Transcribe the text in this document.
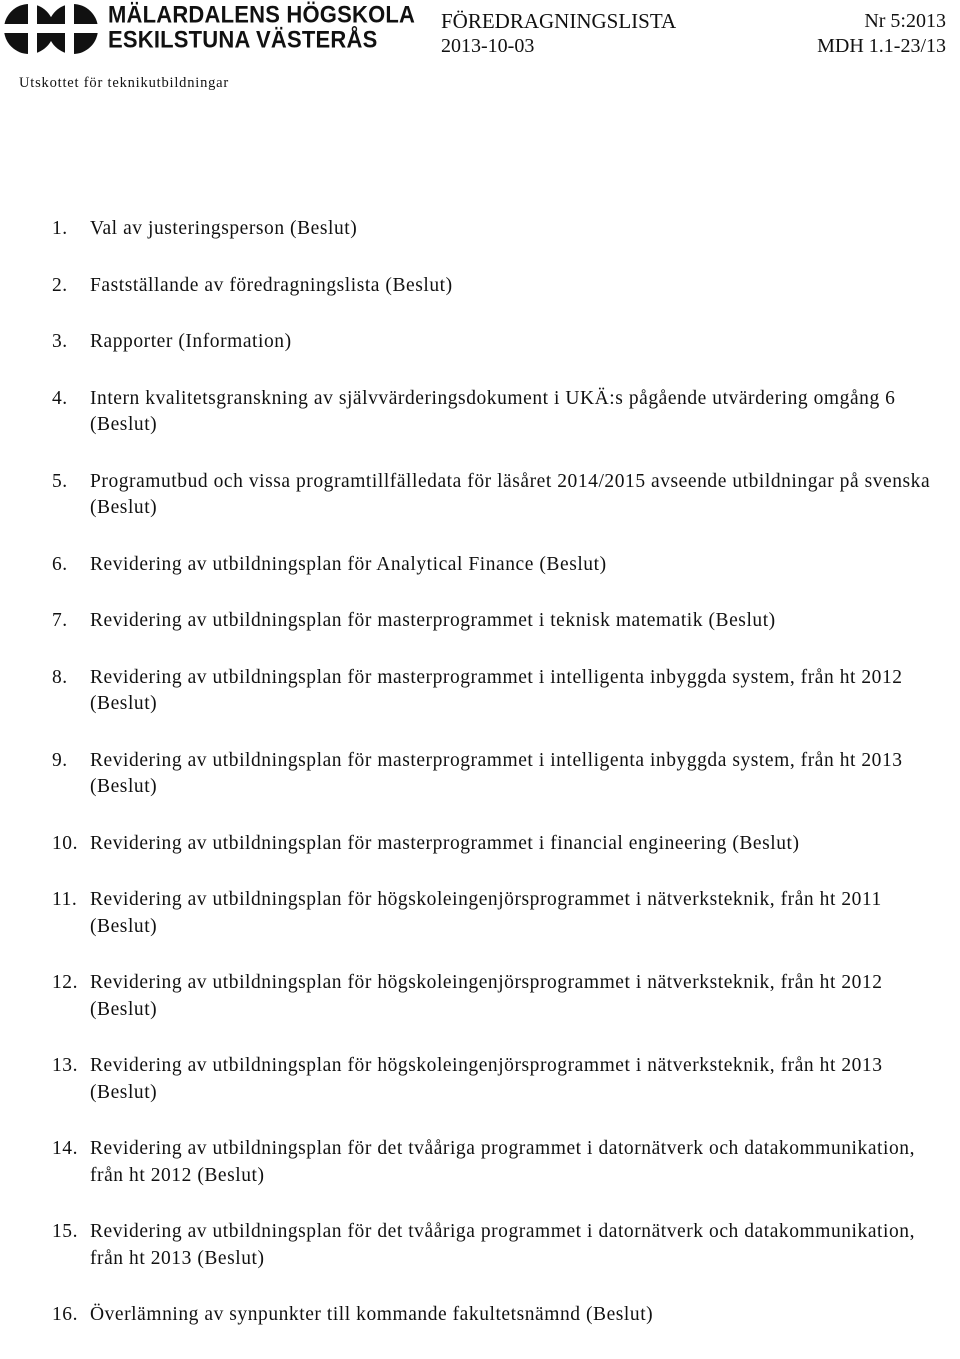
MÄLARDALENS HÖGSKOLA
ESKILSTUNA VÄSTERÅS
FÖREDRAGNINGSLISTA
2013-10-03
Nr 5:2013
MDH 1.1-23/13
Utskottet för teknikutbildningar
1.	Val av justeringsperson (Beslut)
2.	Fastställande av föredragningslista (Beslut)
3.	Rapporter (Information)
4.	Intern kvalitetsgranskning av självvärderingsdokument i UKÄ:s pågående utvärdering omgång 6 (Beslut)
5.	Programutbud och vissa programtillfälledata för läsåret 2014/2015 avseende utbildningar på svenska (Beslut)
6.	Revidering av utbildningsplan för Analytical Finance (Beslut)
7.	Revidering av utbildningsplan för masterprogrammet i teknisk matematik (Beslut)
8.	Revidering av utbildningsplan för masterprogrammet i intelligenta inbyggda system, från ht 2012 (Beslut)
9.	Revidering av utbildningsplan för masterprogrammet i intelligenta inbyggda system, från ht 2013 (Beslut)
10. Revidering av utbildningsplan för masterprogrammet i financial engineering (Beslut)
11. Revidering av utbildningsplan för högskoleingenjörsprogrammet i nätverksteknik, från ht 2011 (Beslut)
12. Revidering av utbildningsplan för högskoleingenjörsprogrammet i nätverksteknik, från ht 2012 (Beslut)
13. Revidering av utbildningsplan för högskoleingenjörsprogrammet i nätverksteknik, från ht 2013 (Beslut)
14. Revidering av utbildningsplan för det tvååriga programmet i datornätverk och datakommunikation, från ht 2012 (Beslut)
15. Revidering av utbildningsplan för det tvååriga programmet i datornätverk och datakommunikation, från ht 2013 (Beslut)
16. Överlämning av synpunkter till kommande fakultetsnämnd (Beslut)
